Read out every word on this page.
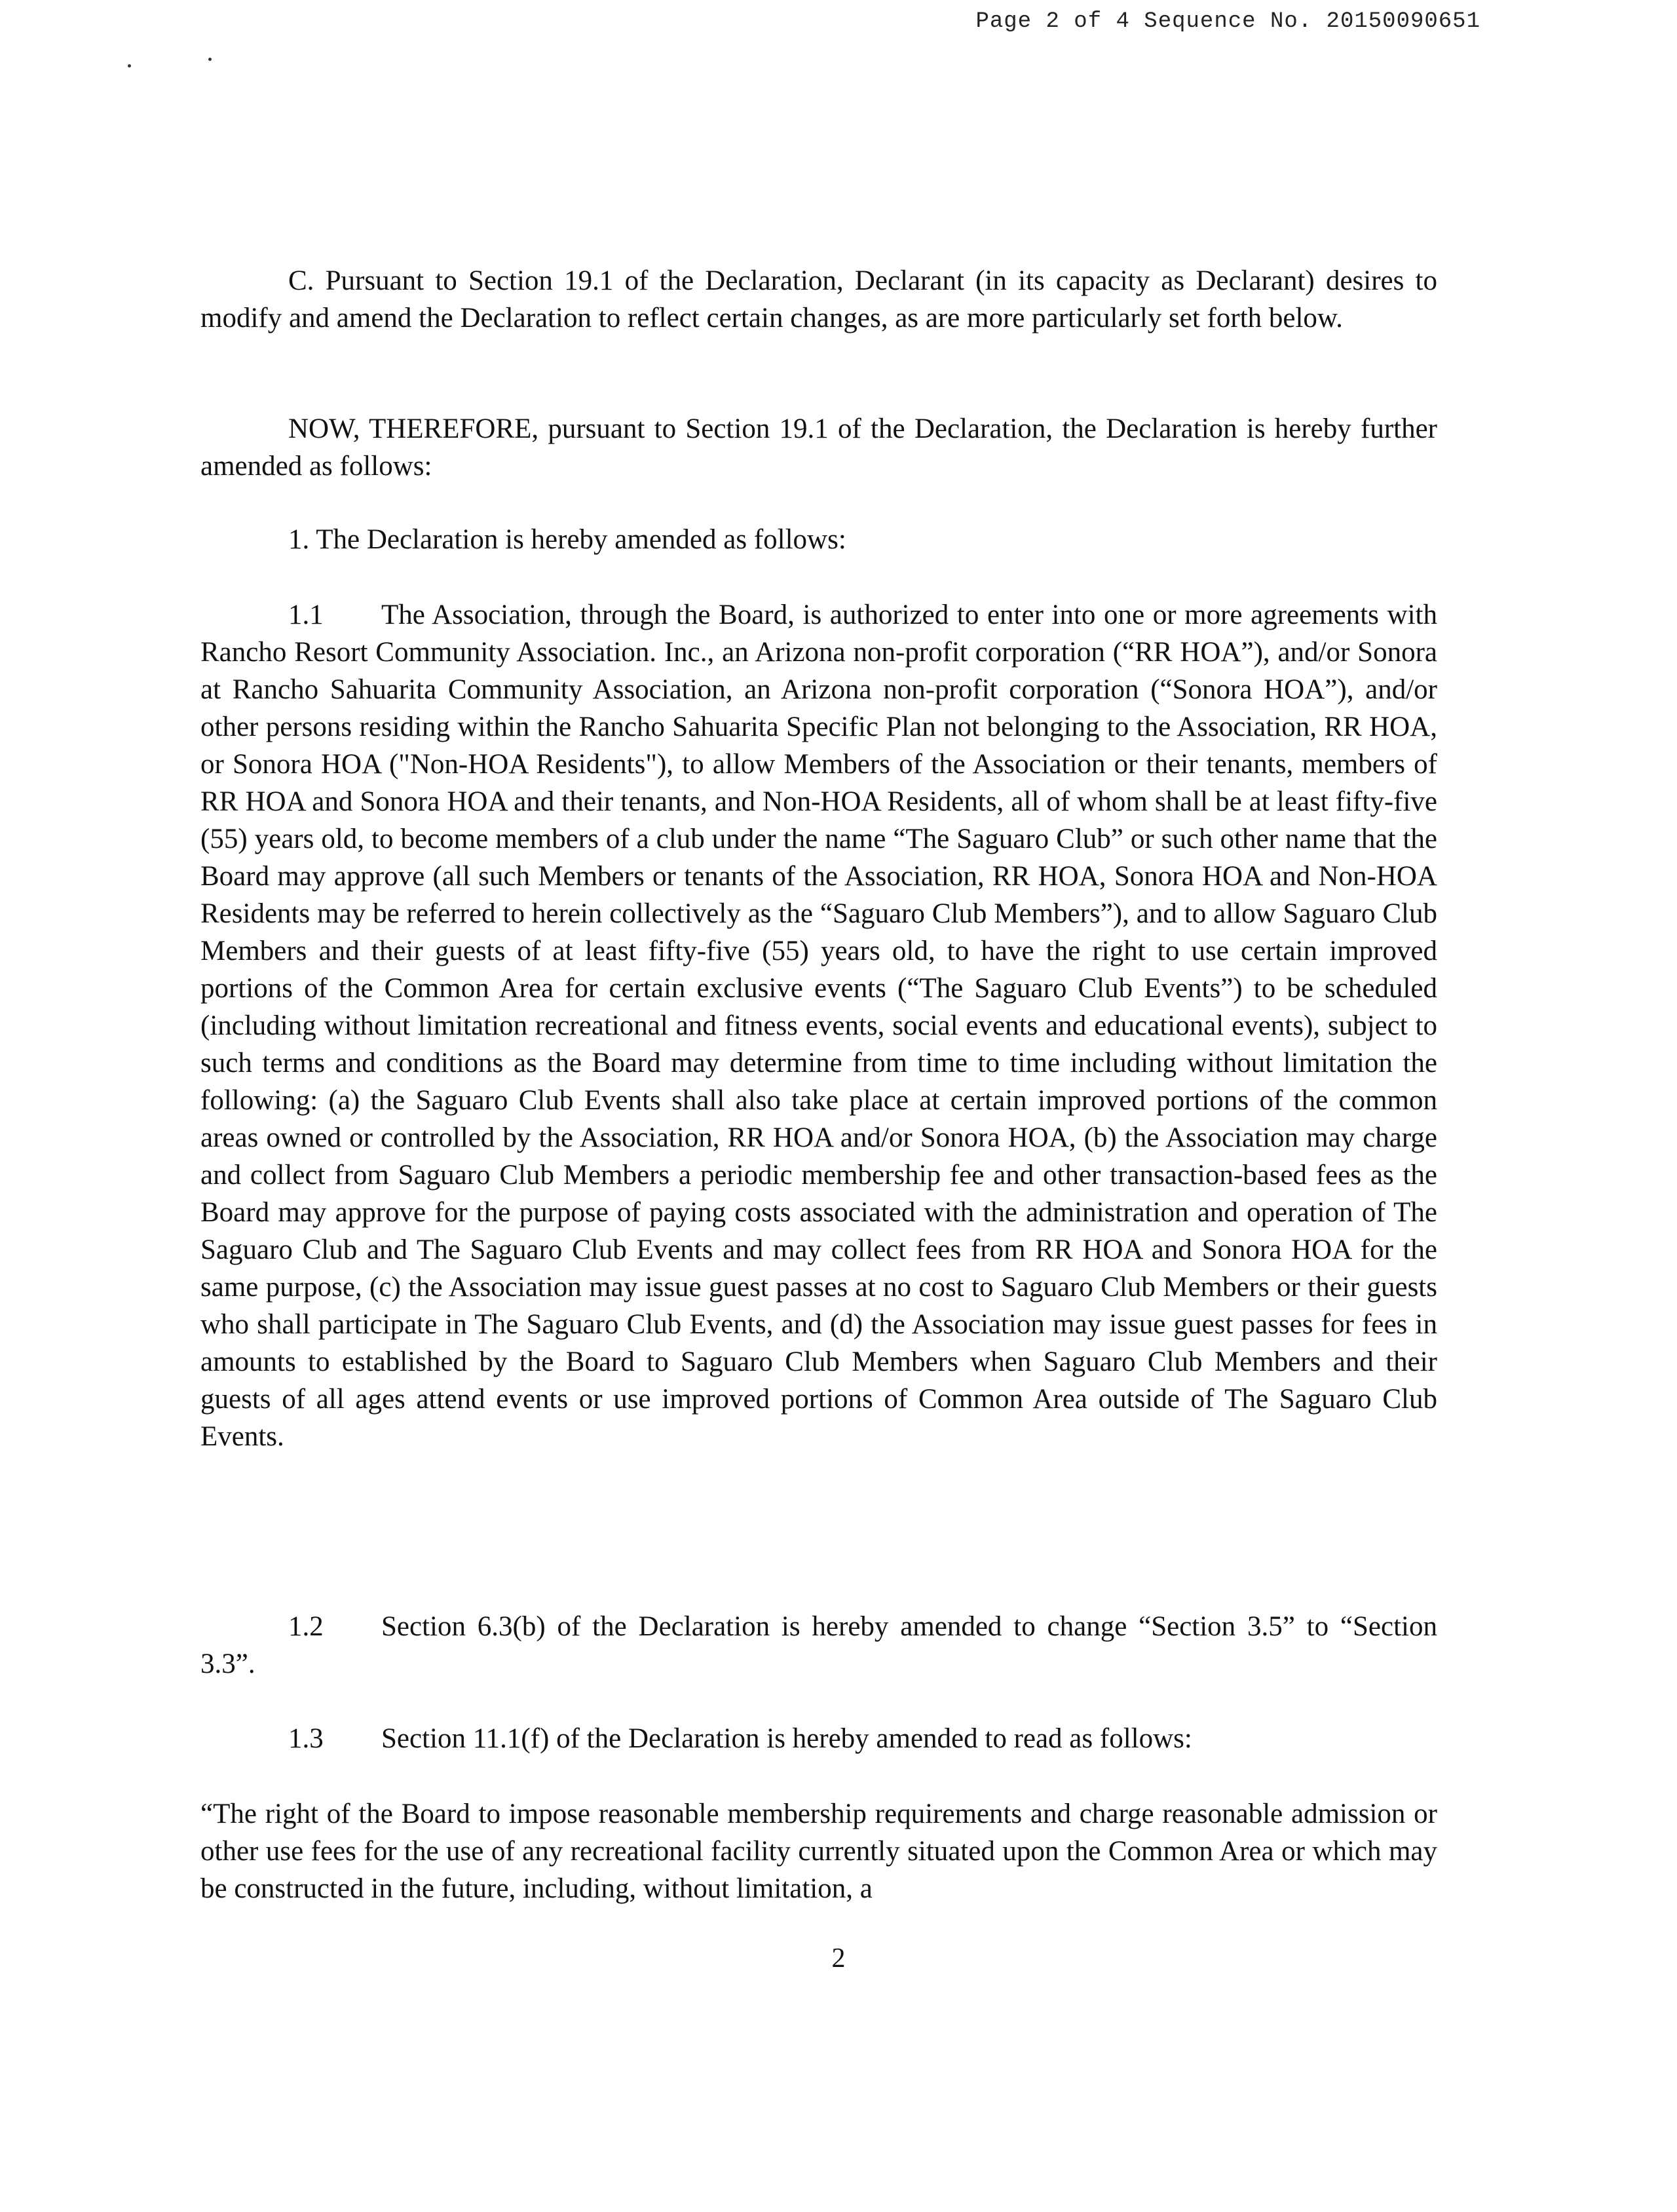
Page 2 of 4 Sequence No. 20150090651

C. Pursuant to Section 19.1 of the Declaration, Declarant (in its capacity as Declarant) desires to modify and amend the Declaration to reflect certain changes, as are more particularly set forth below.

NOW, THEREFORE, pursuant to Section 19.1 of the Declaration, the Declaration is hereby further amended as follows:

1. The Declaration is hereby amended as follows:

1.1 The Association, through the Board, is authorized to enter into one or more agreements with Rancho Resort Community Association. Inc., an Arizona non-profit corporation (“RR HOA”), and/or Sonora at Rancho Sahuarita Community Association, an Arizona non-profit corporation (“Sonora HOA”), and/or other persons residing within the Rancho Sahuarita Specific Plan not belonging to the Association, RR HOA, or Sonora HOA ("Non-HOA Residents"), to allow Members of the Association or their tenants, members of RR HOA and Sonora HOA and their tenants, and Non-HOA Residents, all of whom shall be at least fifty-five (55) years old, to become members of a club under the name “The Saguaro Club” or such other name that the Board may approve (all such Members or tenants of the Association, RR HOA, Sonora HOA and Non-HOA Residents may be referred to herein collectively as the “Saguaro Club Members”), and to allow Saguaro Club Members and their guests of at least fifty-five (55) years old, to have the right to use certain improved portions of the Common Area for certain exclusive events (“The Saguaro Club Events”) to be scheduled (including without limitation recreational and fitness events, social events and educational events), subject to such terms and conditions as the Board may determine from time to time including without limitation the following: (a) the Saguaro Club Events shall also take place at certain improved portions of the common areas owned or controlled by the Association, RR HOA and/or Sonora HOA, (b) the Association may charge and collect from Saguaro Club Members a periodic membership fee and other transaction-based fees as the Board may approve for the purpose of paying costs associated with the administration and operation of The Saguaro Club and The Saguaro Club Events and may collect fees from RR HOA and Sonora HOA for the same purpose, (c) the Association may issue guest passes at no cost to Saguaro Club Members or their guests who shall participate in The Saguaro Club Events, and (d) the Association may issue guest passes for fees in amounts to established by the Board to Saguaro Club Members when Saguaro Club Members and their guests of all ages attend events or use improved portions of Common Area outside of The Saguaro Club Events.

1.2 Section 6.3(b) of the Declaration is hereby amended to change “Section 3.5” to “Section 3.3”.

1.3 Section 11.1(f) of the Declaration is hereby amended to read as follows:

“The right of the Board to impose reasonable membership requirements and charge reasonable admission or other use fees for the use of any recreational facility currently situated upon the Common Area or which may be constructed in the future, including, without limitation, a

2
